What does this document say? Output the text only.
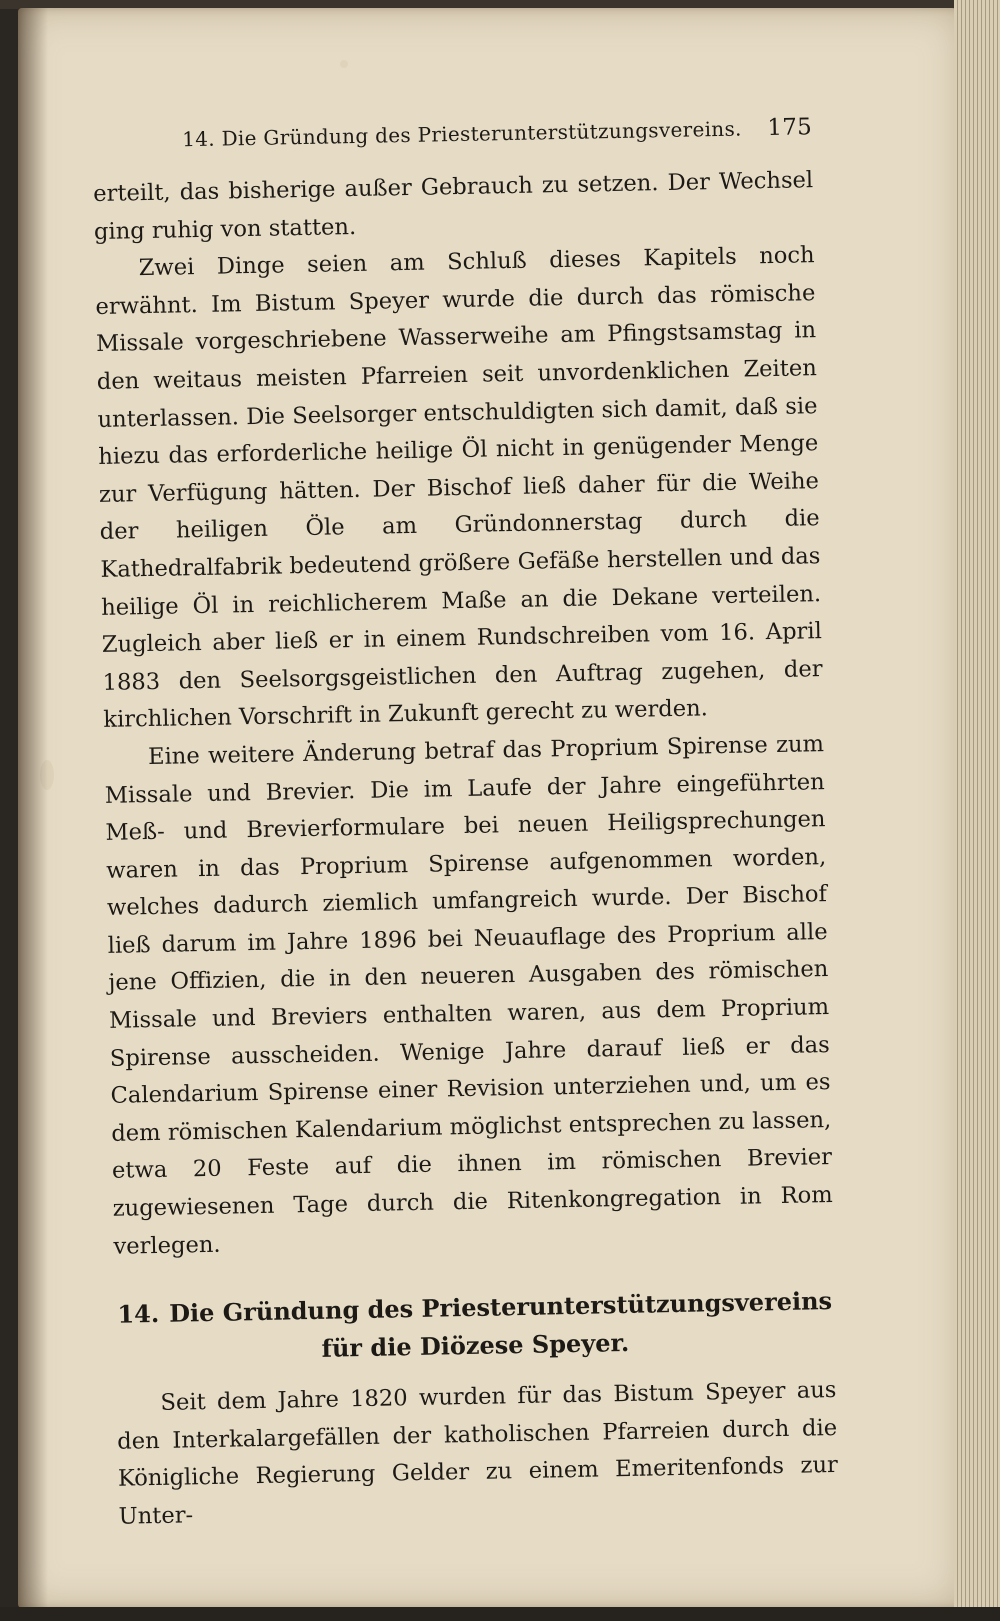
14. Die Gründung des Priesterunterstützungsvereins. 175

erteilt, das bisherige außer Gebrauch zu setzen. Der Wechsel ging ruhig von statten.

Zwei Dinge seien am Schluß dieses Kapitels noch erwähnt. Im Bistum Speyer wurde die durch das römische Missale vorgeschriebene Wasserweihe am Pfingstsamstag in den weitaus meisten Pfarreien seit unvordenklichen Zeiten unterlassen. Die Seelsorger entschuldigten sich damit, daß sie hiezu das erforderliche heilige Öl nicht in genügender Menge zur Verfügung hätten. Der Bischof ließ daher für die Weihe der heiligen Öle am Gründonnerstag durch die Kathedralfabrik bedeutend größere Gefäße herstellen und das heilige Öl in reichlicherem Maße an die Dekane verteilen. Zugleich aber ließ er in einem Rundschreiben vom 16. April 1883 den Seelsorgsgeistlichen den Auftrag zugehen, der kirchlichen Vorschrift in Zukunft gerecht zu werden.

Eine weitere Änderung betraf das Proprium Spirense zum Missale und Brevier. Die im Laufe der Jahre eingeführten Meß- und Brevierformulare bei neuen Heiligsprechungen waren in das Proprium Spirense aufgenommen worden, welches dadurch ziemlich umfangreich wurde. Der Bischof ließ darum im Jahre 1896 bei Neuauflage des Proprium alle jene Offizien, die in den neueren Ausgaben des römischen Missale und Breviers enthalten waren, aus dem Proprium Spirense ausscheiden. Wenige Jahre darauf ließ er das Calendarium Spirense einer Revision unterziehen und, um es dem römischen Kalendarium möglichst entsprechen zu lassen, etwa 20 Feste auf die ihnen im römischen Brevier zugewiesenen Tage durch die Ritenkongregation in Rom verlegen.

14. Die Gründung des Priesterunterstützungsvereins
für die Diözese Speyer.

Seit dem Jahre 1820 wurden für das Bistum Speyer aus den Interkalargefällen der katholischen Pfarreien durch die Königliche Regierung Gelder zu einem Emeritenfonds zur Unter-
